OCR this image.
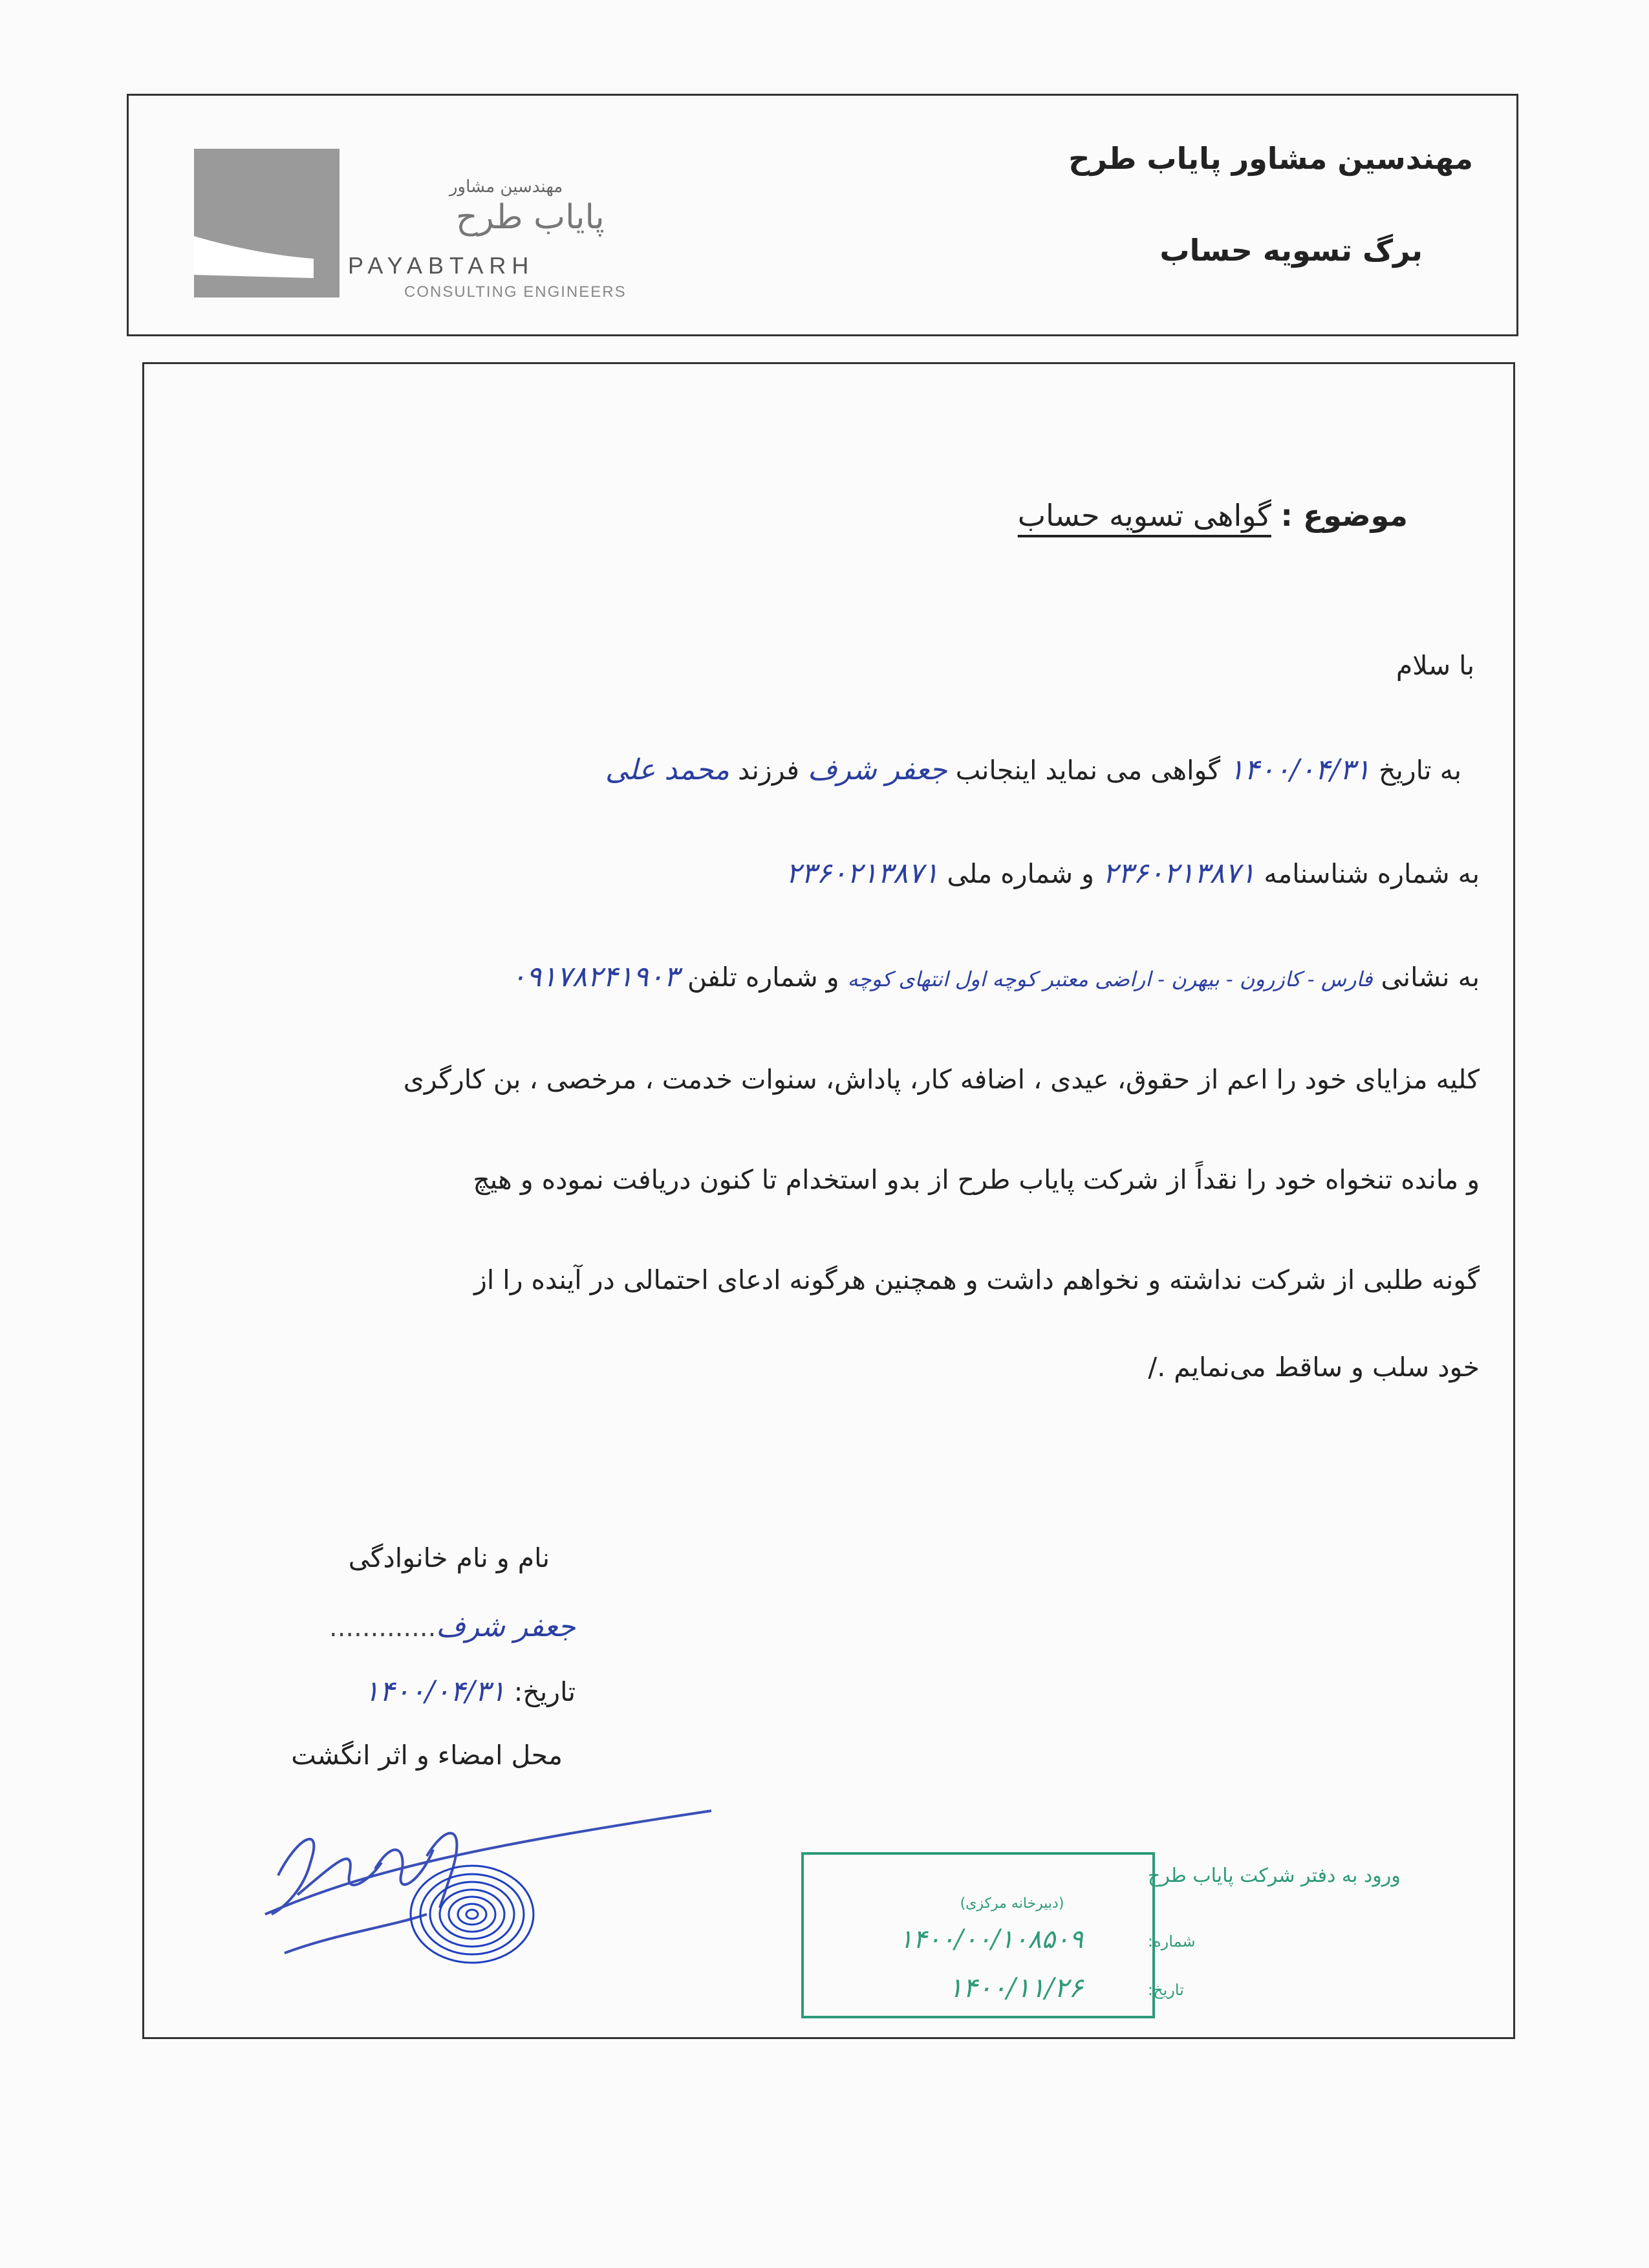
مهندسین مشاور پایاب طرح
برگ تسویه حساب
مهندسین مشاور
پایاب طرح
PAYABTARH
CONSULTING ENGINEERS
موضوع : گواهی تسویه حساب
با سلام
به تاریخ ۱۴۰۰/۰۴/۳۱ گواهی می نماید اینجانب جعفر شرف فرزند محمد علی
به شماره شناسنامه ۲۳۶۰۲۱۳۸۷۱ و شماره ملی ۲۳۶۰۲۱۳۸۷۱
به نشانی فارس - کازرون - بیهرن - اراضی معتبر کوچه اول انتهای کوچه و شماره تلفن ۰۹۱۷۸۲۴۱۹۰۳
کلیه مزایای خود را اعم از حقوق، عیدی ، اضافه کار، پاداش، سنوات خدمت ، مرخصی ، بن کارگری
و مانده تنخواه خود را نقداً از شرکت پایاب طرح از بدو استخدام تا کنون دریافت نموده و هیچ
گونه طلبی از شرکت نداشته و نخواهم داشت و همچنین هرگونه ادعای احتمالی در آینده را از
خود سلب و ساقط می‌نمایم ./
نام و نام خانوادگی
جعفر شرف.............
تاریخ: ۱۴۰۰/۰۴/۳۱
محل امضاء و اثر انگشت
ورود به دفتر شرکت پایاب طرح
(دبیرخانه مرکزی)
شماره:
۱۴۰۰/۰۰/۱۰۸۵۰۹
تاریخ:
۱۴۰۰/۱۱/۲۶
